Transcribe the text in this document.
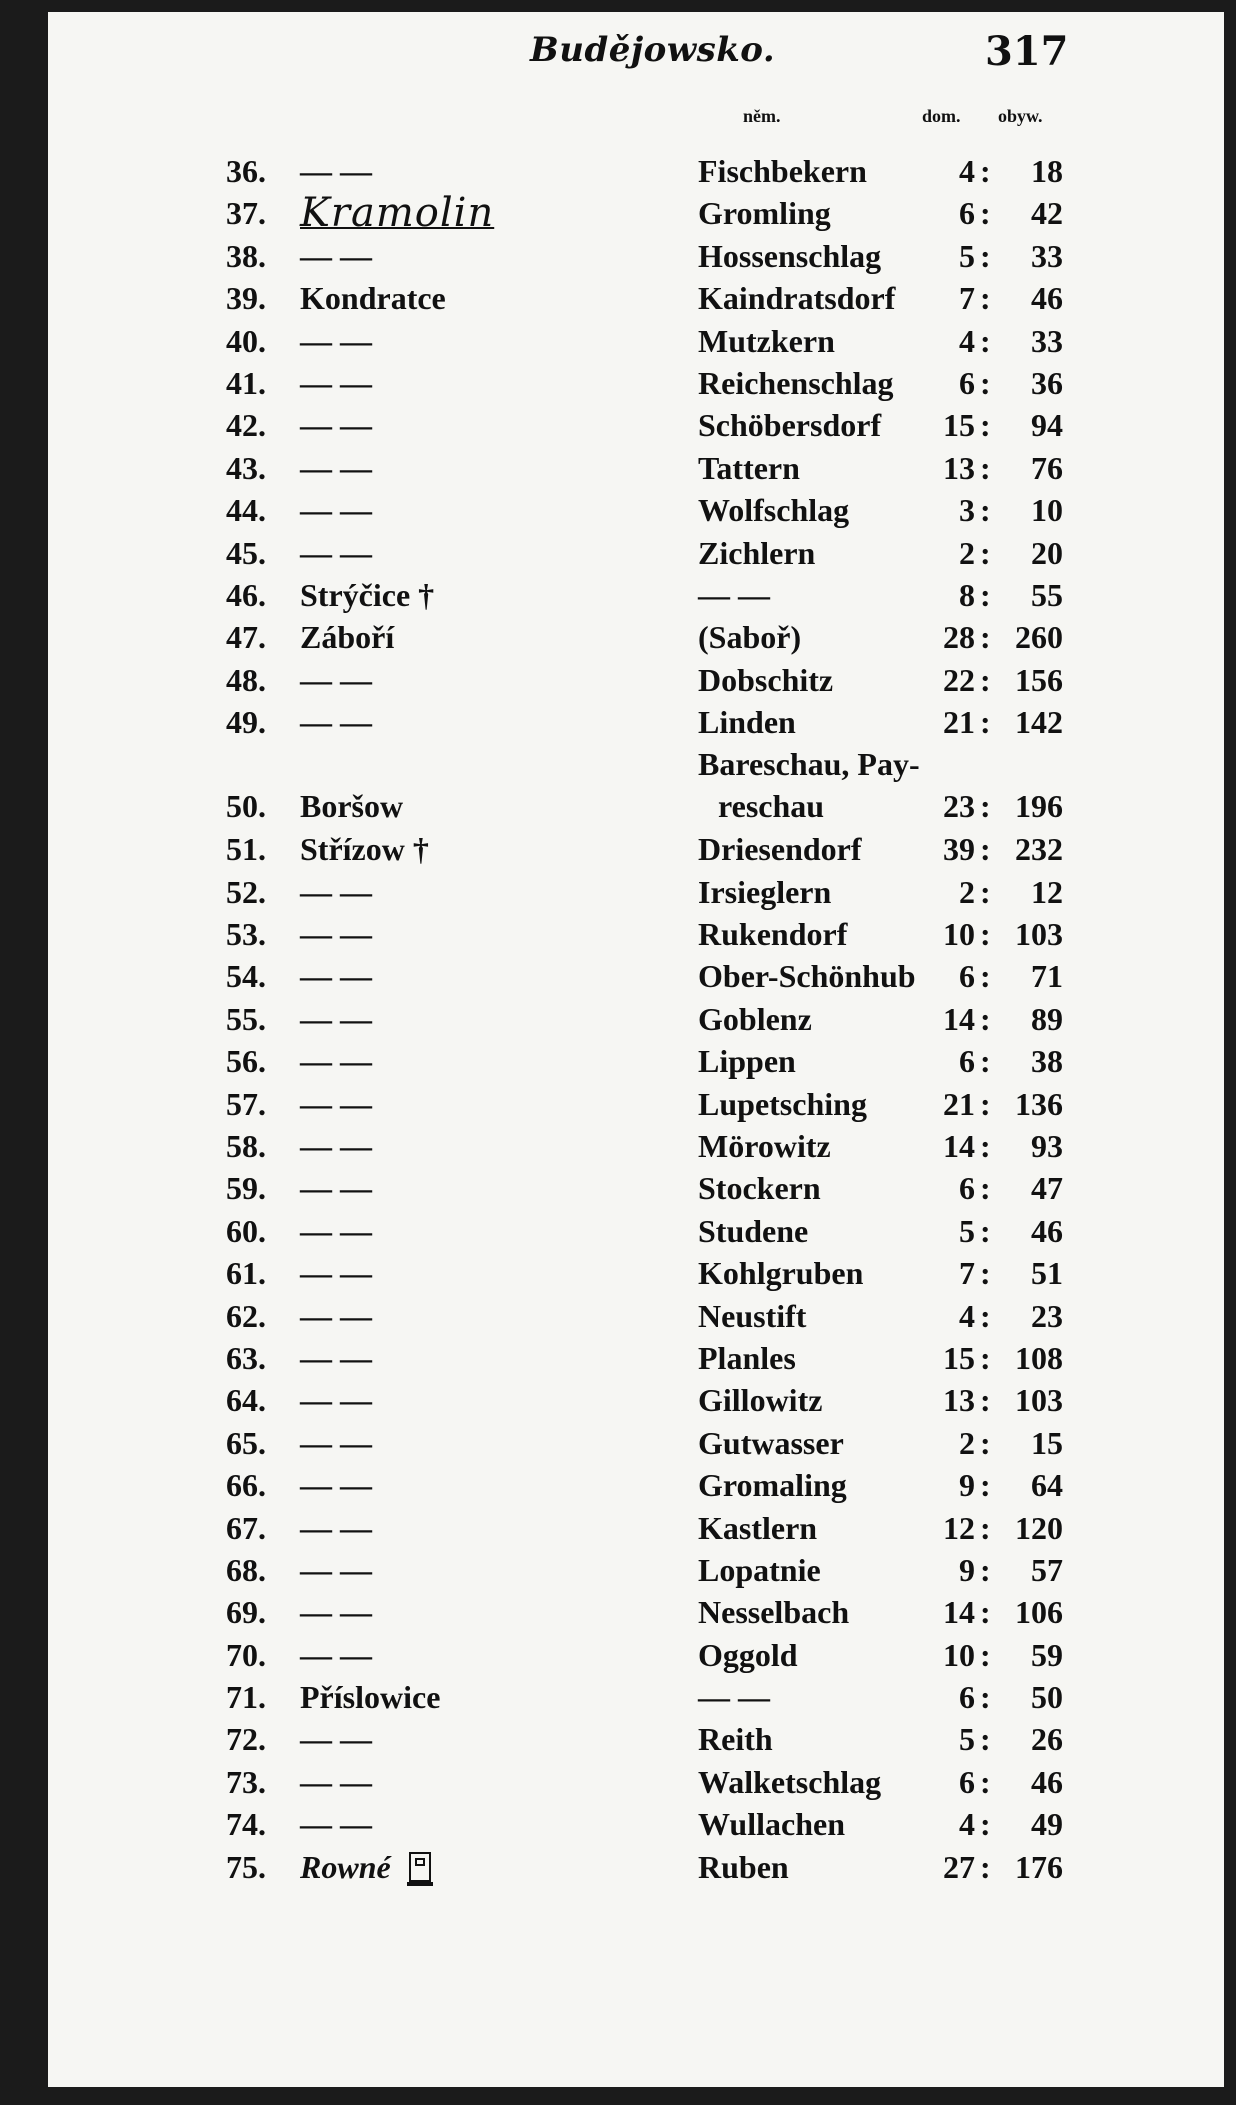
Budějowsko.	317
něm.	dom. obyw.
36. — —	Fischbekern	4 :	18
37. Kramolin	Gromling	6 :	42
38. — —	Hossenschlag	5 :	33
39. Kondratce	Kaindratsdorf	7 :	46
40. — —	Mutzkern	4 :	33
41. — —	Reichenschlag	6 :	36
42. — —	Schöbersdorf	15 :	94
43. — —	Tattern	13 :	76
44. — —	Wolfschlag	3 :	10
45. — —	Zichlern	2 :	20
46. Strýčice †	— —	8 :	55
47. Záboří	(Saboř)	28 : 260
48. — —	Dobschitz	22 : 156
49. — —	Linden	21 : 142
50. Boršow
Bareschau, Pay-
reschau	23 : 196
51. Střízow †	Driesendorf	39 : 232
52. — —	Irsieglern	2 :	12
53. — —	Rukendorf	10 : 103
54. — —	Ober-Schönhub	6 :	71
55. — —	Goblenz	14 :	89
56. — —	Lippen	6 :	38
57. — —	Lupetsching	21 : 136
58. — —	Mörowitz	14 :	93
59. — —	Stockern	6 :	47
60. — —	Studene	5 :	46
61. — —	Kohlgruben	7 :	51
62. — —	Neustift	4 :	23
63. — —	Planles	15 : 108
64. — —	Gillowitz	13 : 103
65. — —	Gutwasser	2 :	15
66. — —	Gromaling	9 :	64
67. — —	Kastlern	12 : 120
68. — —	Lopatnie	9 :	57
69. — —	Nesselbach	14 : 106
70. — —	Oggold	10 :	59
71. Příslowice	— —	6 :	50
72. — —	Reith	5 :	26
73. — —	Walketschlag	6 :	46
74. — —	Wullachen	4 :	49
75. Rowné	Ruben	27 : 176
